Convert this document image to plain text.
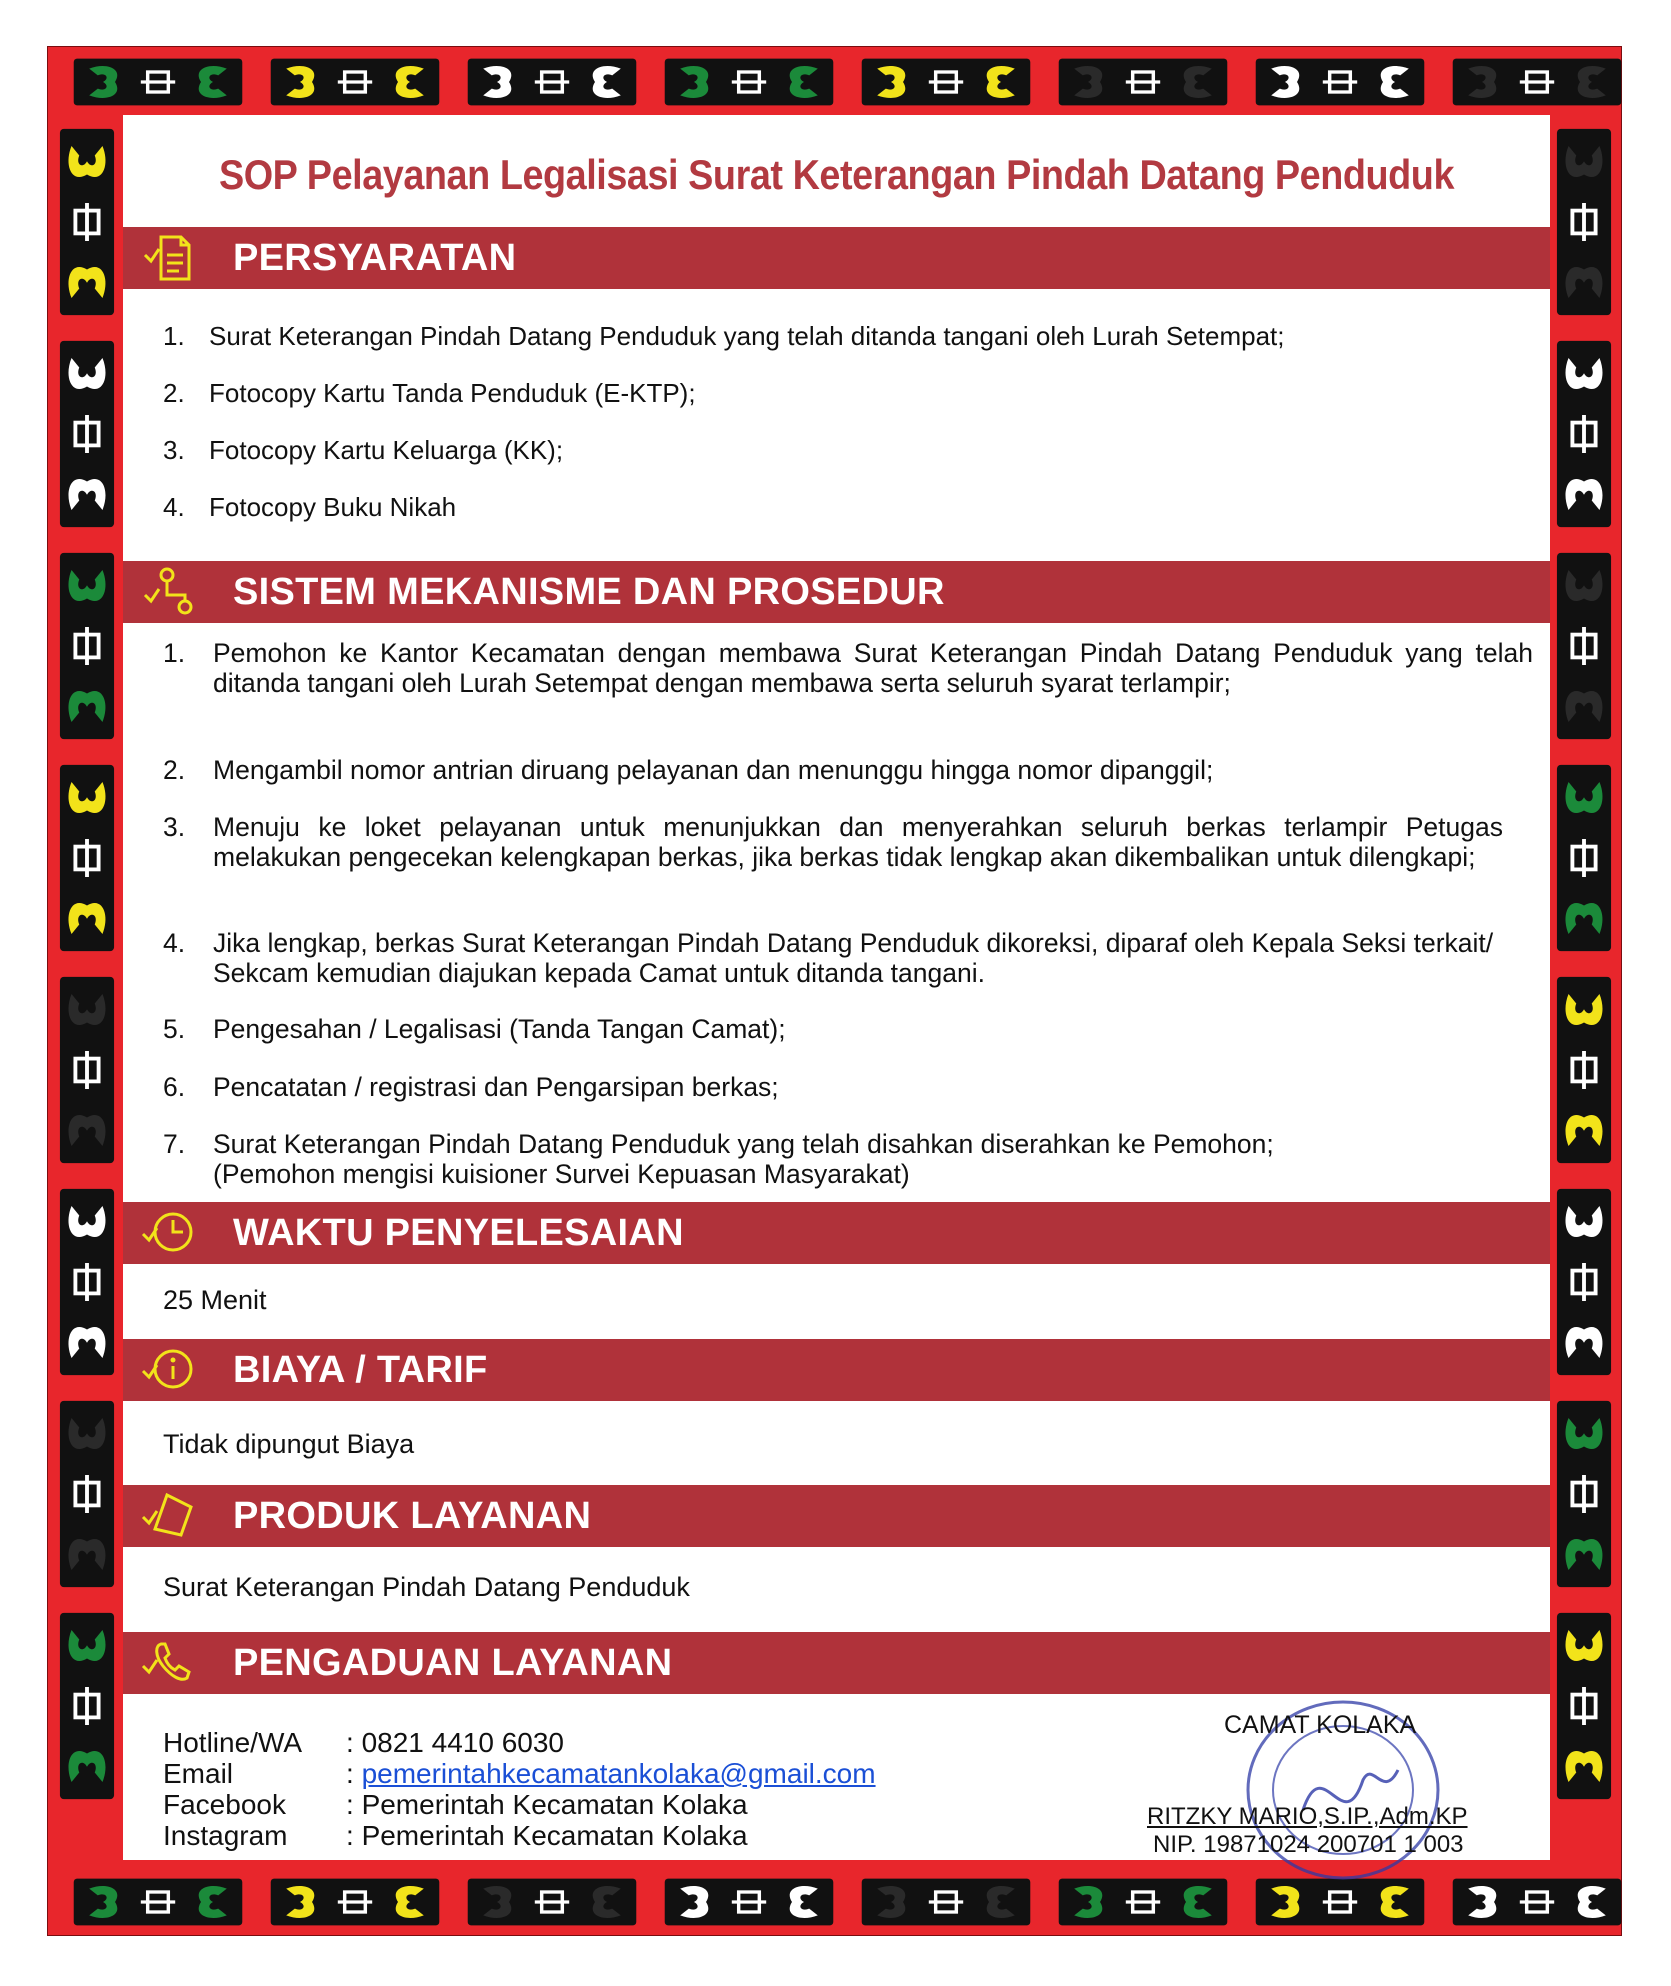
SOP Pelayanan Legalisasi Surat Keterangan Pindah Datang Penduduk
PERSYARATAN
1. Surat Keterangan Pindah Datang Penduduk yang telah ditanda tangani oleh Lurah Setempat;
2. Fotocopy Kartu Tanda Penduduk (E-KTP);
3. Fotocopy Kartu Keluarga (KK);
4. Fotocopy Buku Nikah
SISTEM MEKANISME DAN PROSEDUR
1.	Pemohon ke Kantor Kecamatan dengan membawa Surat Keterangan Pindah Datang Penduduk yang telah ditanda tangani oleh Lurah Setempat dengan membawa serta seluruh syarat terlampir;
2.	Mengambil nomor antrian diruang pelayanan dan menunggu hingga nomor dipanggil;
3.	Menuju ke loket pelayanan untuk menunjukkan dan menyerahkan seluruh berkas terlampir Petugas melakukan pengecekan kelengkapan berkas, jika berkas tidak lengkap akan dikembalikan untuk dilengkapi;
4.	Jika lengkap, berkas Surat Keterangan Pindah Datang Penduduk dikoreksi, diparaf oleh Kepala Seksi terkait/ Sekcam kemudian diajukan kepada Camat untuk ditanda tangani.
5.	Pengesahan / Legalisasi (Tanda Tangan Camat);
6.	Pencatatan / registrasi dan Pengarsipan berkas;
7.	Surat Keterangan Pindah Datang Penduduk yang telah disahkan diserahkan ke Pemohon; (Pemohon mengisi kuisioner Survei Kepuasan Masyarakat)
WAKTU PENYELESAIAN
25 Menit
BIAYA / TARIF
Tidak dipungut Biaya
PRODUK LAYANAN
Surat Keterangan Pindah Datang Penduduk
PENGADUAN LAYANAN
Hotline/WA : 0821 4410 6030
Email	: pemerintahkecamatankolaka@gmail.com
Facebook : Pemerintah Kecamatan Kolaka
Instagram : Pemerintah Kecamatan Kolaka
CAMAT KOLAKA
RITZKY MARIO,S.IP.,Adm.KP
NIP. 19871024 200701 1 003
